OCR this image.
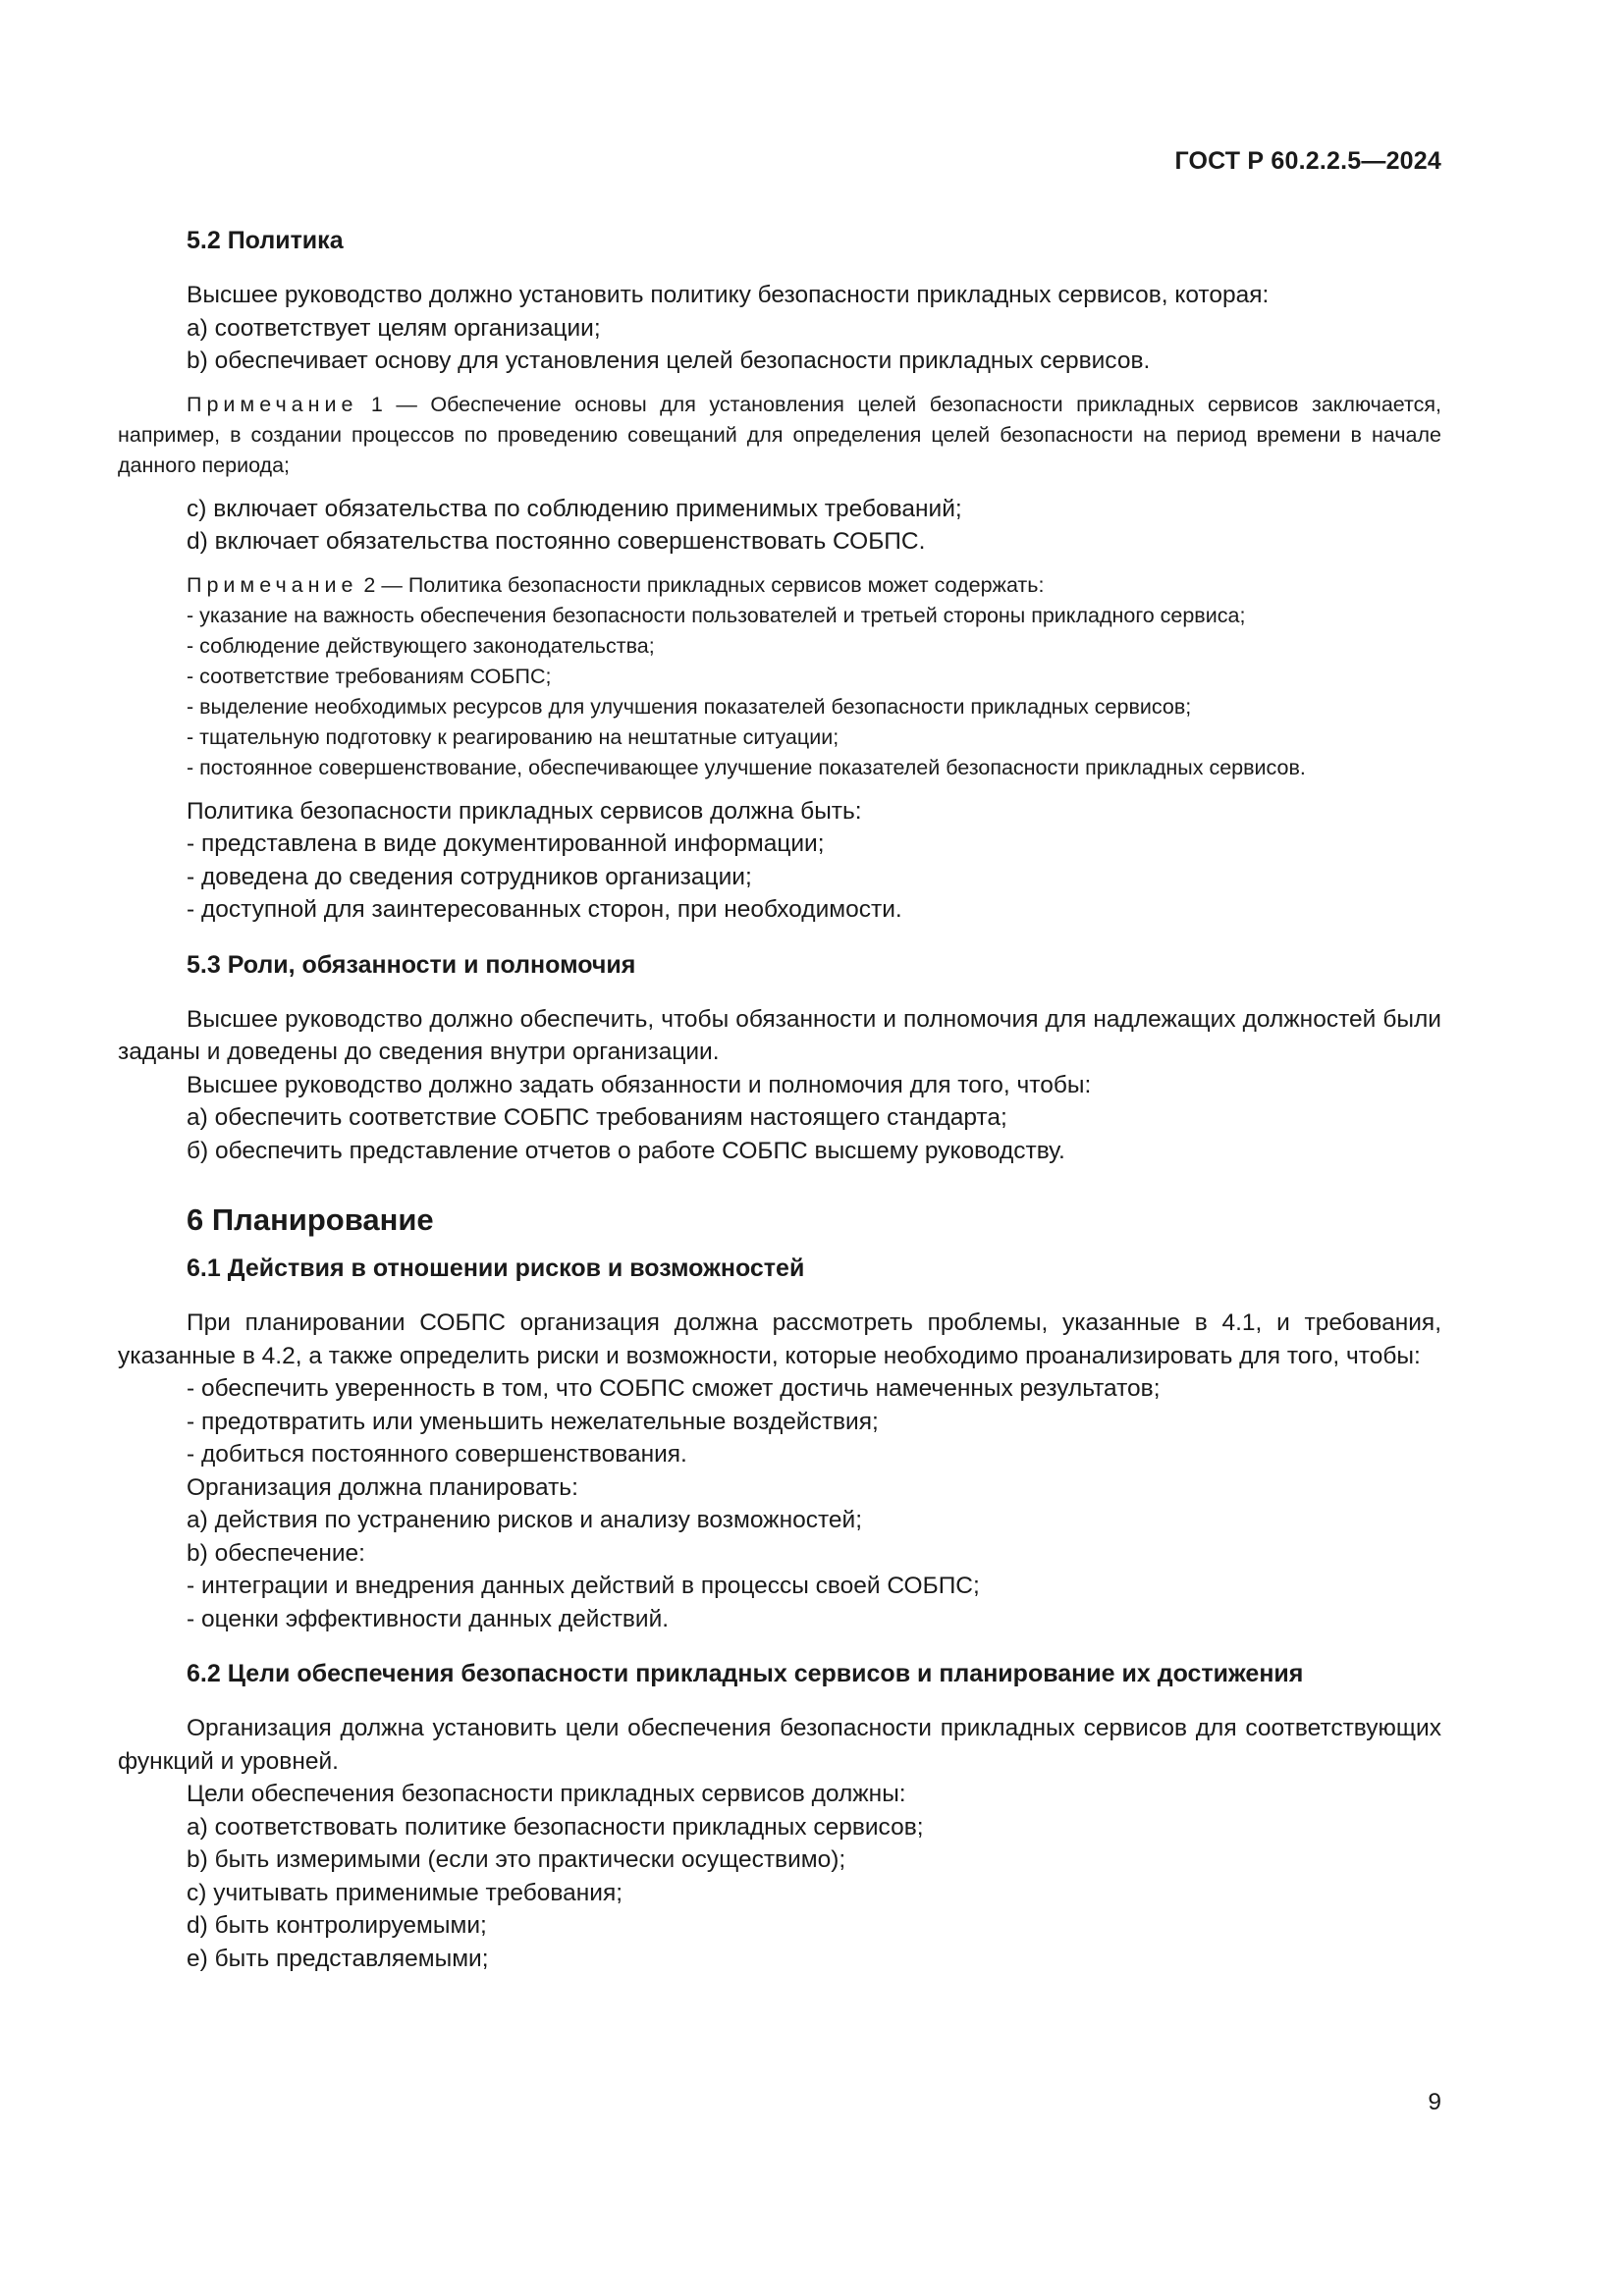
ГОСТ Р 60.2.2.5—2024
5.2 Политика

Высшее руководство должно установить политику безопасности прикладных сервисов, которая:

a) соответствует целям организации;

b) обеспечивает основу для установления целей безопасности прикладных сервисов.

Примечание 1 — Обеспечение основы для установления целей безопасности прикладных сервисов заключается, например, в создании процессов по проведению совещаний для определения целей безопасности на период времени в начале данного периода;

c) включает обязательства по соблюдению применимых требований;

d) включает обязательства постоянно совершенствовать СОБПС.

Примечание 2 — Политика безопасности прикладных сервисов может содержать:

- указание на важность обеспечения безопасности пользователей и третьей стороны прикладного сервиса;

- соблюдение действующего законодательства;

- соответствие требованиям СОБПС;

- выделение необходимых ресурсов для улучшения показателей безопасности прикладных сервисов;

- тщательную подготовку к реагированию на нештатные ситуации;

- постоянное совершенствование, обеспечивающее улучшение показателей безопасности прикладных сервисов.

Политика безопасности прикладных сервисов должна быть:

- представлена в виде документированной информации;

- доведена до сведения сотрудников организации;

- доступной для заинтересованных сторон, при необходимости.

5.3 Роли, обязанности и полномочия

Высшее руководство должно обеспечить, чтобы обязанности и полномочия для надлежащих должностей были заданы и доведены до сведения внутри организации.

Высшее руководство должно задать обязанности и полномочия для того, чтобы:

а) обеспечить соответствие СОБПС требованиям настоящего стандарта;

б) обеспечить представление отчетов о работе СОБПС высшему руководству.

6 Планирование
6.1 Действия в отношении рисков и возможностей

При планировании СОБПС организация должна рассмотреть проблемы, указанные в 4.1, и требования, указанные в 4.2, а также определить риски и возможности, которые необходимо проанализировать для того, чтобы:

- обеспечить уверенность в том, что СОБПС сможет достичь намеченных результатов;

- предотвратить или уменьшить нежелательные воздействия;

- добиться постоянного совершенствования.

Организация должна планировать:

a) действия по устранению рисков и анализу возможностей;

b) обеспечение:

- интеграции и внедрения данных действий в процессы своей СОБПС;

- оценки эффективности данных действий.

6.2 Цели обеспечения безопасности прикладных сервисов и планирование их достижения

Организация должна установить цели обеспечения безопасности прикладных сервисов для соответствующих функций и уровней.

Цели обеспечения безопасности прикладных сервисов должны:

a) соответствовать политике безопасности прикладных сервисов;

b) быть измеримыми (если это практически осуществимо);

c) учитывать применимые требования;

d) быть контролируемыми;

e) быть представляемыми;

9
